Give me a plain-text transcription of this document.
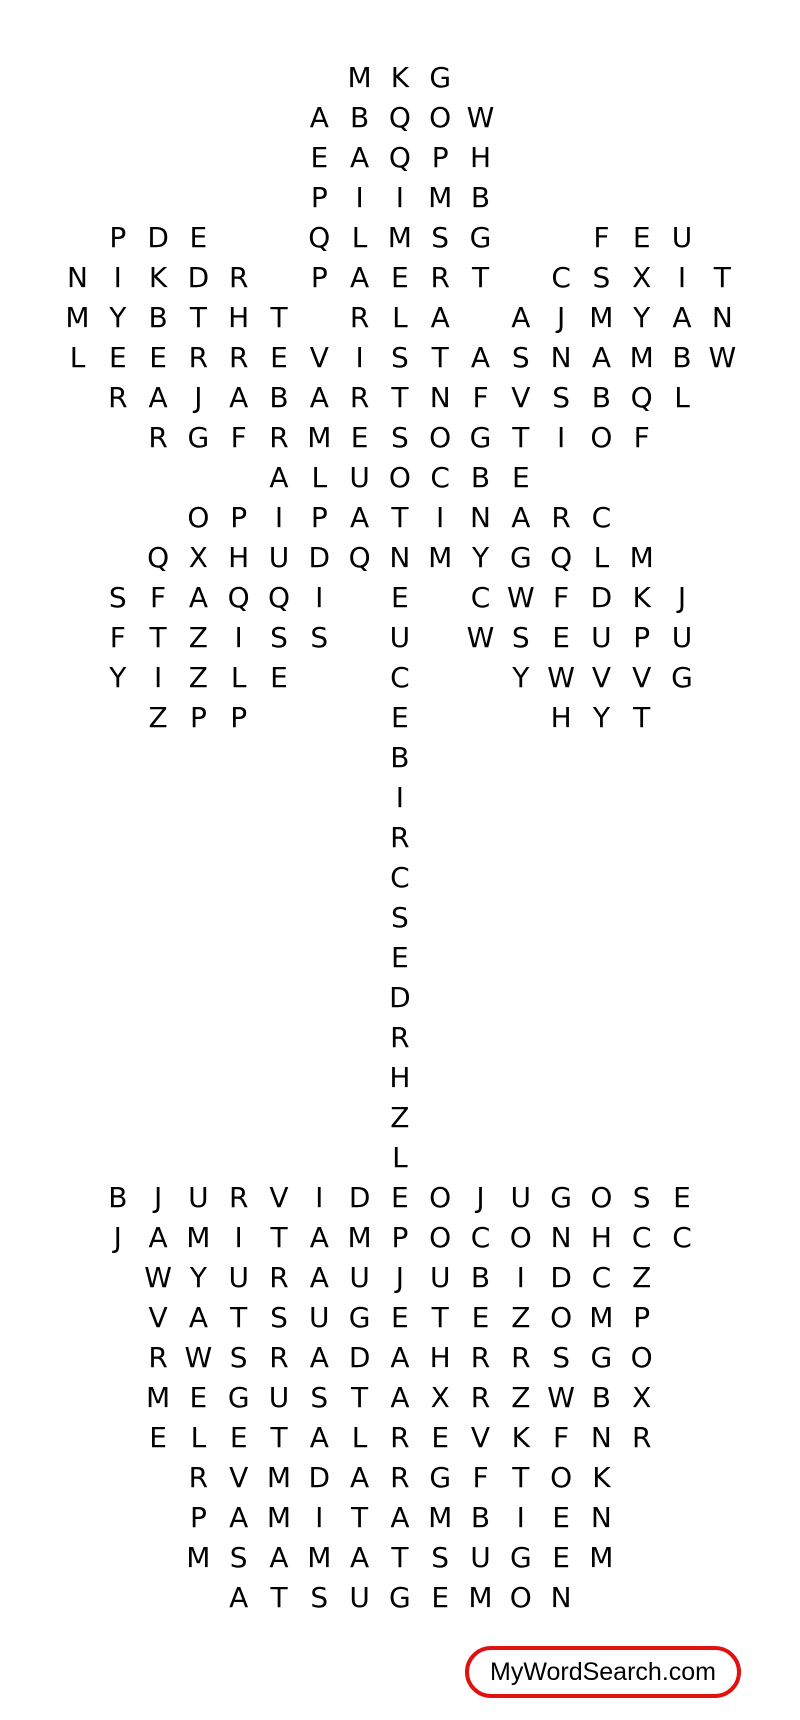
M K G
A B Q O W
E A Q P H
P I	I M B
P D E	Q L M S G	F E U
N I K D R	P A E R T	C S X I T
M Y B T H T	R L A	A J M Y A N
L E E R R E V I S T A S N A M B W
R A J A B A R T N F V S B Q L
R G F R M E S O G T I O F
A L U O C B E
O P I P A T I N A R C
Q X H U D Q N M Y G Q L M
S F A Q Q I	E	C W F D K J
F T Z I S S	U	W S E U P U
Y I Z L E	C	Y W V V G
Z P P	E	H Y T
B
I
R
C
S
E
D
R
H
Z
L
B J U R V I D E O J U G O S E
J A M I T A M P O C O N H C C
W Y U R A U J U B I D C Z
V A T S U G E T E Z O M P
R W S R A D A H R R S G O
M E G U S T A X R Z W B X
E L E T A L R E V K F N R
R V M D A R G F T O K
P A M I T A M B I E N
M S A M A T S U G E M
A T S U G E M O N
MyWordSearch.com
